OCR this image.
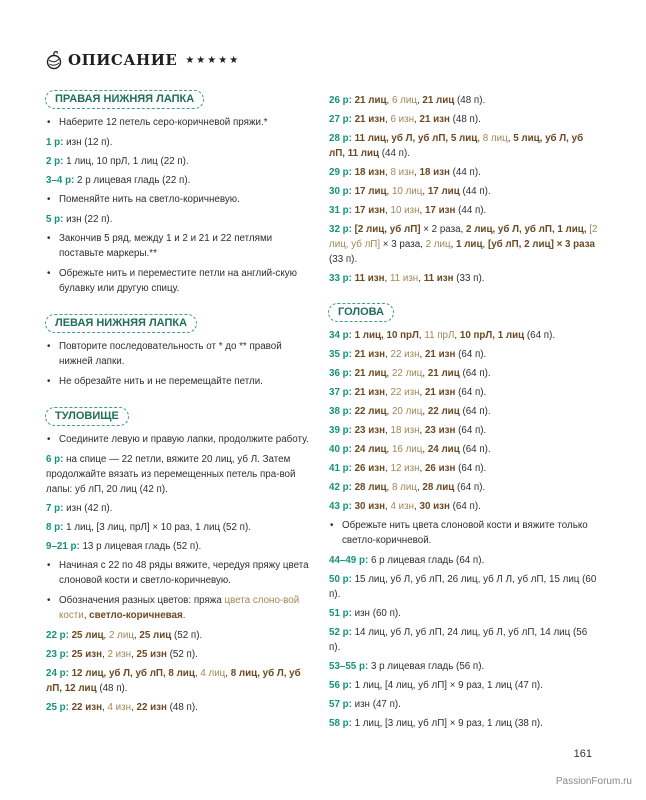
ОПИСАНИЕ ★★★★★
ПРАВАЯ НИЖНЯЯ ЛАПКА
• Наберите 12 петель серо-коричневой пряжи.*
1 р: изн (12 п).
2 р: 1 лиц, 10 прЛ, 1 лиц (22 п).
3–4 р: 2 р лицевая гладь (22 п).
• Поменяйте нить на светло-коричневую.
5 р: изн (22 п).
• Закончив 5 ряд, между 1 и 2 и 21 и 22 петлями поставьте маркеры.**
• Обрежьте нить и переместите петли на англий-скую булавку или другую спицу.
ЛЕВАЯ НИЖНЯЯ ЛАПКА
• Повторите последовательность от * до ** правой нижней лапки.
• Не обрезайте нить и не перемещайте петли.
ТУЛОВИЩЕ
• Соедините левую и правую лапки, продолжите работу.
6 р: на спице — 22 петли, вяжите 20 лиц, уб Л. Затем продолжайте вязать из перемещенных петель пра-вой лапы: уб лП, 20 лиц (42 п).
7 р: изн (42 п).
8 р: 1 лиц, [3 лиц, прЛ] × 10 раз, 1 лиц (52 п).
9–21 р: 13 р лицевая гладь (52 п).
• Начиная с 22 по 48 ряды вяжите, чередуя пряжу цвета слоновой кости и светло-коричневую.
• Обозначения разных цветов: пряжа цвета слоно-вой кости, светло-коричневая.
22 р: 25 лиц, 2 лиц, 25 лиц (52 п).
23 р: 25 изн, 2 изн, 25 изн (52 п).
24 р: 12 лиц, уб Л, уб лП, 8 лиц, 4 лиц, 8 лиц, уб Л, уб лП, 12 лиц (48 п).
25 р: 22 изн, 4 изн, 22 изн (48 п).
26 р: 21 лиц, 6 лиц, 21 лиц (48 п).
27 р: 21 изн, 6 изн, 21 изн (48 п).
28 р: 11 лиц, уб Л, уб лП, 5 лиц, 8 лиц, 5 лиц, уб Л, уб лП, 11 лиц (44 п).
29 р: 18 изн, 8 изн, 18 изн (44 п).
30 р: 17 лиц, 10 лиц, 17 лиц (44 п).
31 р: 17 изн, 10 изн, 17 изн (44 п).
32 р: [2 лиц, уб лП] × 2 раза, 2 лиц, уб Л, уб лП, 1 лиц, [2 лиц, уб лП] × 3 раза, 2 лиц, 1 лиц, [уб лП, 2 лиц] × 3 раза (33 п).
33 р: 11 изн, 11 изн, 11 изн (33 п).
ГОЛОВА
34 р: 1 лиц, 10 прЛ, 11 прЛ, 10 прЛ, 1 лиц (64 п).
35 р: 21 изн, 22 изн, 21 изн (64 п).
36 р: 21 лиц, 22 лиц, 21 лиц (64 п).
37 р: 21 изн, 22 изн, 21 изн (64 п).
38 р: 22 лиц, 20 лиц, 22 лиц (64 п).
39 р: 23 изн, 18 изн, 23 изн (64 п).
40 р: 24 лиц, 16 лиц, 24 лиц (64 п).
41 р: 26 изн, 12 изн, 26 изн (64 п).
42 р: 28 лиц, 8 лиц, 28 лиц (64 п).
43 р: 30 изн, 4 изн, 30 изн (64 п).
• Обрежьте нить цвета слоновой кости и вяжите только светло-коричневой.
44–49 р: 6 р лицевая гладь (64 п).
50 р: 15 лиц, уб Л, уб лП, 26 лиц, уб Л Л, уб лП, 15 лиц (60 п).
51 р: изн (60 п).
52 р: 14 лиц, уб Л, уб лП, 24 лиц, уб Л, уб лП, 14 лиц (56 п).
53–55 р: 3 р лицевая гладь (56 п).
56 р: 1 лиц, [4 лиц, уб лП] × 9 раз, 1 лиц (47 п).
57 р: изн (47 п).
58 р: 1 лиц, [3 лиц, уб лП] × 9 раз, 1 лиц (38 п).
161
PassionForum.ru
